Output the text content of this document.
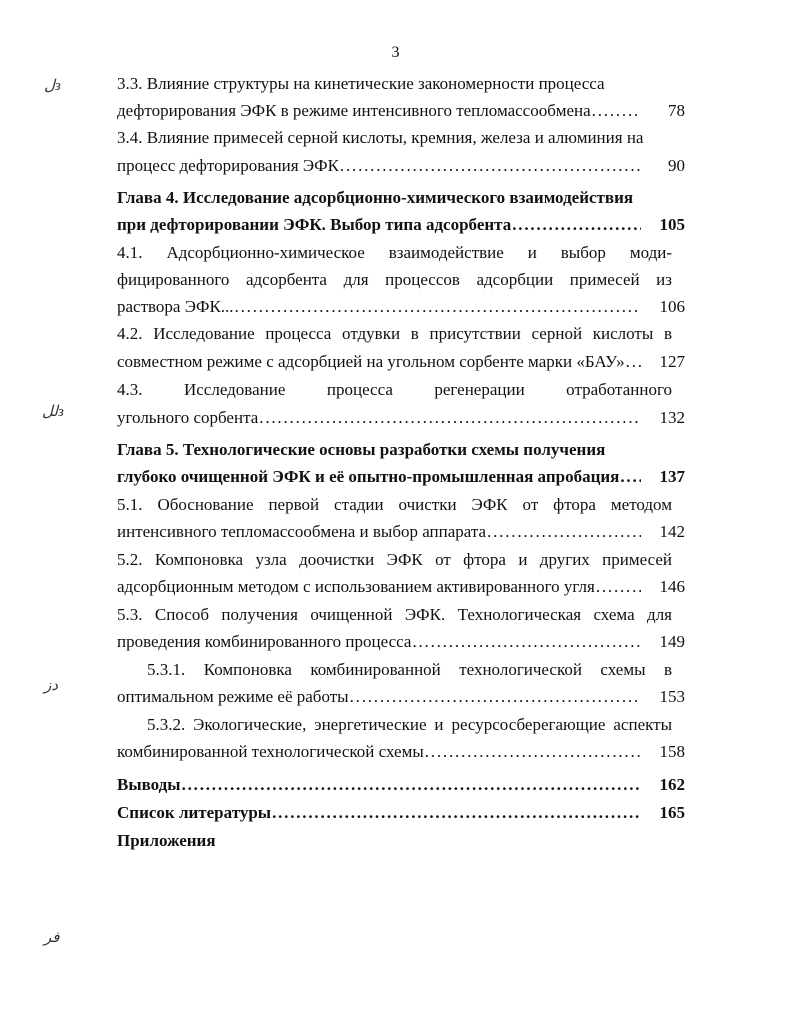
3
لз
للз
دز
فر
3.3. Влияние структуры на кинетические закономерности процесса
дефторирования ЭФК в режиме интенсивного тепломассообмена .....	78
3.4. Влияние примесей серной кислоты, кремния, железа и алюминия на
процесс дефторирования ЭФК .....	90
Глава 4. Исследование адсорбционно-химического взаимодействия
при дефторировании ЭФК. Выбор типа адсорбента .....	105
4.1. Адсорбционно-химическое взаимодействие и выбор моди-
фицированного адсорбента для процессов адсорбции примесей из
раствора ЭФК... .....	106
4.2. Исследование процесса отдувки в присутствии серной кислоты в
совместном режиме с адсорбцией на угольном сорбенте марки «БАУ» .....	127
4.3. Исследование процесса регенерации отработанного
угольного сорбента .....	132
Глава 5. Технологические основы разработки схемы получения
глубоко очищенной ЭФК и её опытно-промышленная апробация .....	137
5.1. Обоснование первой стадии очистки ЭФК от фтора методом
интенсивного тепломассообмена и выбор аппарата .....	142
5.2. Компоновка узла доочистки ЭФК от фтора и других примесей
адсорбционным методом с использованием активированного угля .....	146
5.3. Способ получения очищенной ЭФК. Технологическая схема для
проведения комбинированного процесса .....	149
5.3.1. Компоновка комбинированной технологической схемы в
оптимальном режиме её работы .....	153
5.3.2. Экологические, энергетические и ресурсосберегающие аспекты
комбинированной технологической схемы .....	158
Выводы .....	162
Список литературы .....	165
Приложения
